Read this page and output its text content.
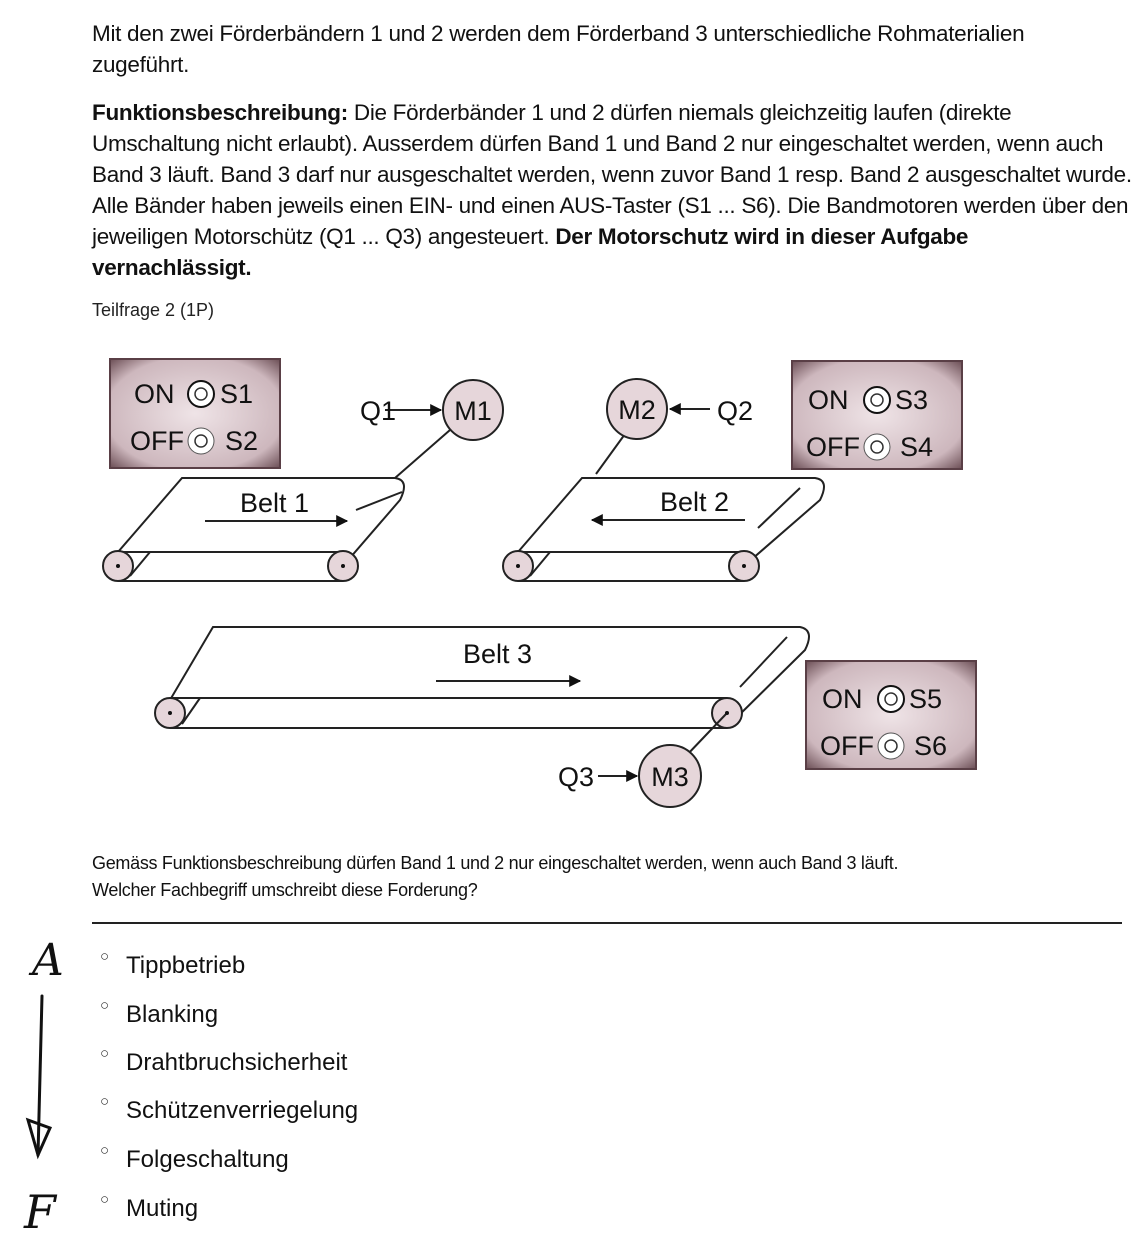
Mit den zwei Förderbändern 1 und 2 werden dem Förderband 3 unterschiedliche Rohmaterialien zugeführt.
Funktionsbeschreibung: Die Förderbänder 1 und 2 dürfen niemals gleichzeitig laufen (direkte Umschaltung nicht erlaubt). Ausserdem dürfen Band 1 und Band 2 nur eingeschaltet werden, wenn auch Band 3 läuft. Band 3 darf nur ausgeschaltet werden, wenn zuvor Band 1 resp. Band 2 ausgeschaltet wurde. Alle Bänder haben jeweils einen EIN- und einen AUS-Taster (S1 ... S6). Die Bandmotoren werden über den jeweiligen Motorschütz (Q1 ... Q3) angesteuert. Der Motorschutz wird in dieser Aufgabe vernachlässigt.
Teilfrage 2 (1P)
Belt 1	Belt 2
Belt 3
M1	M2
M3
Q1	Q2
Q3
ON S1
OFF S2
ON S3
OFF S4
ON S5
OFF S6
Gemäss Funktionsbeschreibung dürfen Band 1 und 2 nur eingeschaltet werden, wenn auch Band 3 läuft.
Welcher Fachbegriff umschreibt diese Forderung?
○ Tippbetrieb
○ Blanking
○ Drahtbruchsicherheit
○ Schützenverriegelung
○ Folgeschaltung
○ Muting
A
F
